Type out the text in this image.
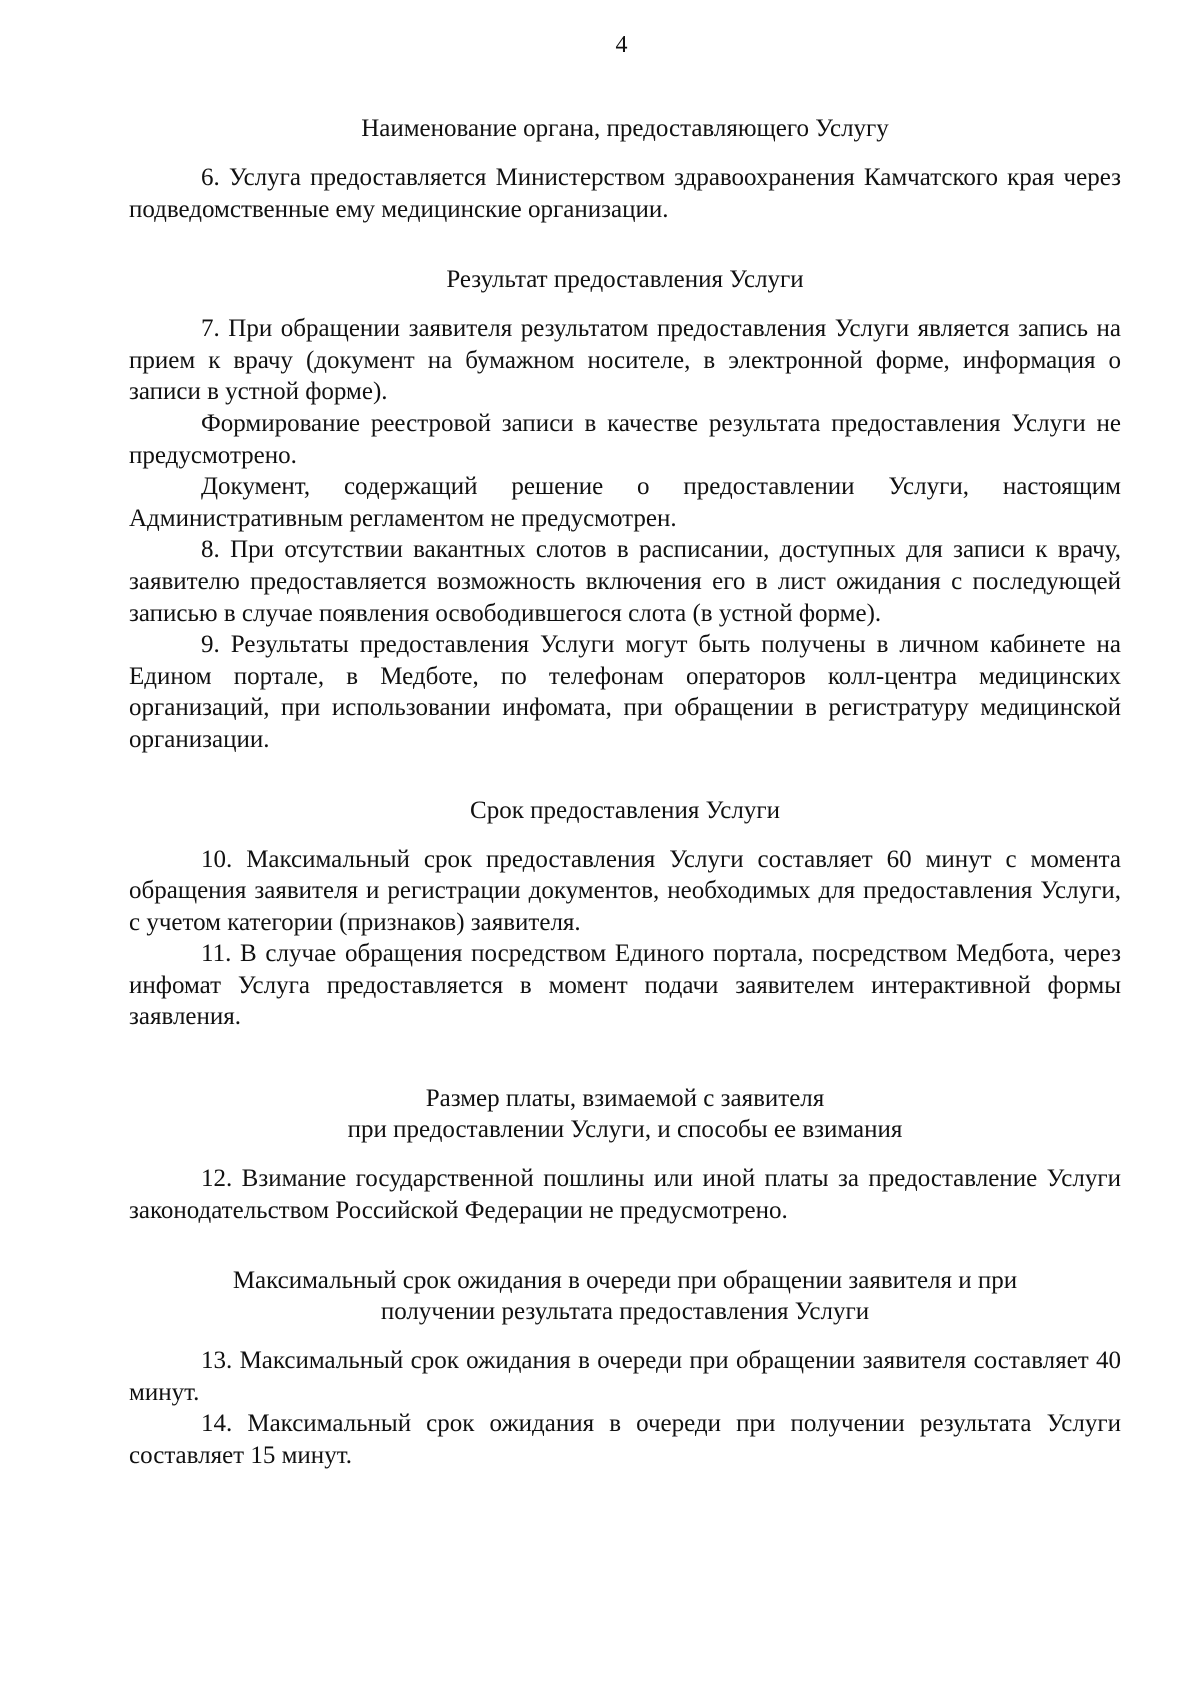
4

Наименование органа, предоставляющего Услугу

6. Услуга предоставляется Министерством здравоохранения Камчатского края через подведомственные ему медицинские организации.

Результат предоставления Услуги

7. При обращении заявителя результатом предоставления Услуги является запись на прием к врачу (документ на бумажном носителе, в электронной форме, информация о записи в устной форме).

Формирование реестровой записи в качестве результата предоставления Услуги не предусмотрено.

Документ, содержащий решение о предоставлении Услуги, настоящим Административным регламентом не предусмотрен.

8. При отсутствии вакантных слотов в расписании, доступных для записи к врачу, заявителю предоставляется возможность включения его в лист ожидания с последующей записью в случае появления освободившегося слота (в устной форме).

9. Результаты предоставления Услуги могут быть получены в личном кабинете на Едином портале, в Медботе, по телефонам операторов колл-центра медицинских организаций, при использовании инфомата, при обращении в регистратуру медицинской организации.

Срок предоставления Услуги

10. Максимальный срок предоставления Услуги составляет 60 минут с момента обращения заявителя и регистрации документов, необходимых для предоставления Услуги, с учетом категории (признаков) заявителя.

11. В случае обращения посредством Единого портала, посредством Медбота, через инфомат Услуга предоставляется в момент подачи заявителем интерактивной формы заявления.

Размер платы, взимаемой с заявителя

при предоставлении Услуги, и способы ее взимания

12. Взимание государственной пошлины или иной платы за предоставление Услуги законодательством Российской Федерации не предусмотрено.

Максимальный срок ожидания в очереди при обращении заявителя и при

получении результата предоставления Услуги

13. Максимальный срок ожидания в очереди при обращении заявителя составляет 40 минут.

14. Максимальный срок ожидания в очереди при получении результата Услуги составляет 15 минут.
